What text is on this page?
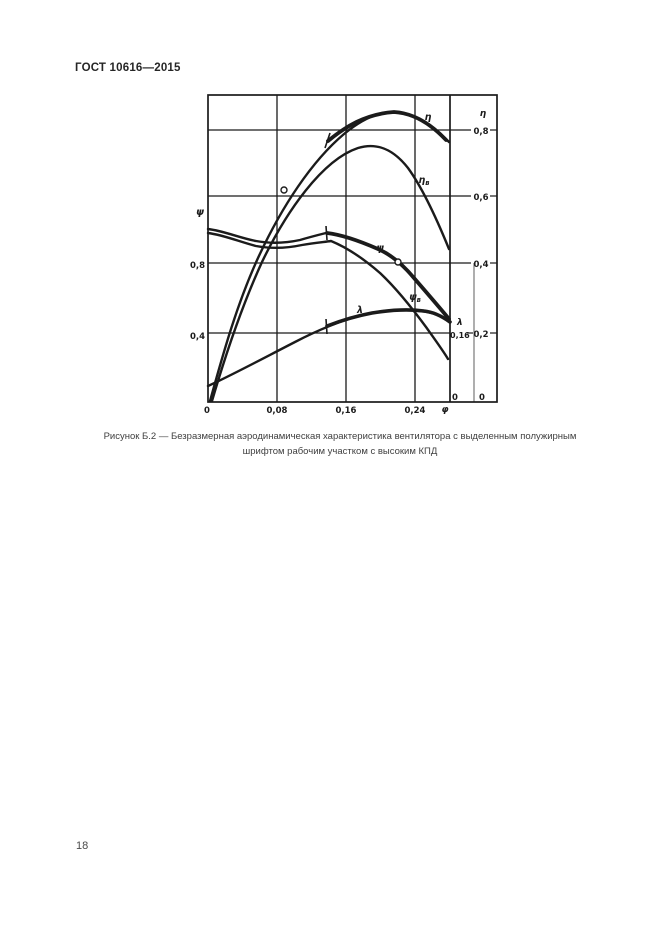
ГОСТ 10616—2015
ψ
0,8
0,4
0	0,08	0,16	0,24 φ
η
0,8
0,6
0,4
0,2
0
λ
0,16
0
η
$\eta_в$
ψ
$\psi_в$
λ
Рисунок Б.2 — Безразмерная аэродинамическая характеристика вентилятора с выделенным полужирным
шрифтом рабочим участком с высоким КПД
18
